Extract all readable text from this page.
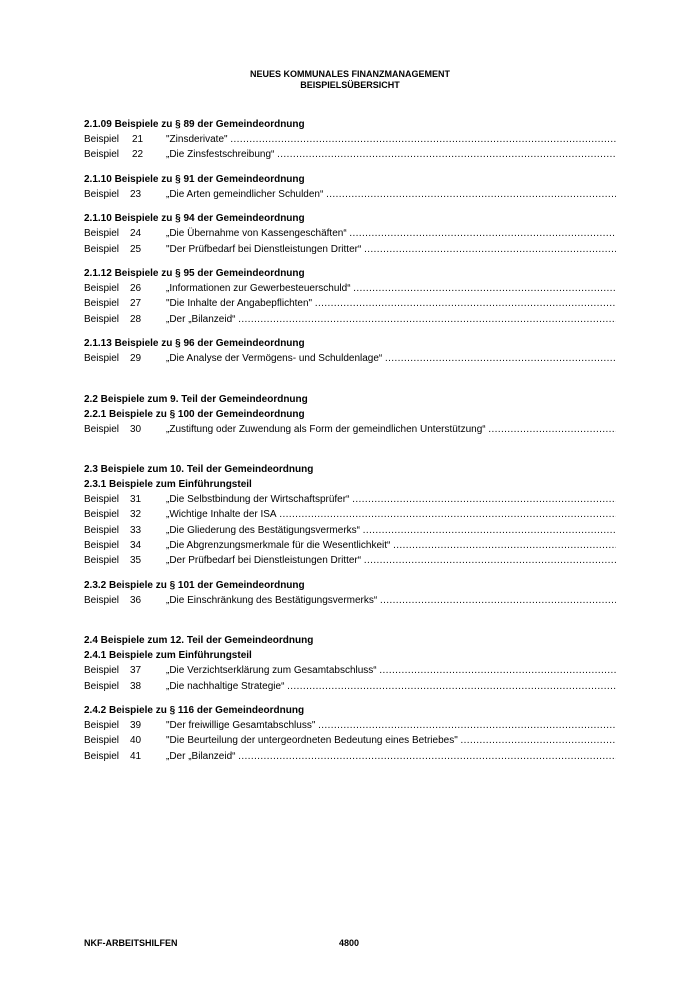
NEUES KOMMUNALES FINANZMANAGEMENT
BEISPIELSÜBERSICHT
2.1.09 Beispiele zu § 89 der Gemeindeordnung
Beispiel 21 "Zinsderivate" ………………………………………………………………………………………………………………………………………………………………………………
Beispiel 22 „Die Zinsfestschreibung“ ………………………………………………………………………………………………………………………………………………………………………………
2.1.10 Beispiele zu § 91 der Gemeindeordnung
Beispiel 23 „Die Arten gemeindlicher Schulden“ ………………………………………………………………………………………………………………………………………………………………………………
2.1.10 Beispiele zu § 94 der Gemeindeordnung
Beispiel 24 „Die Übernahme von Kassengeschäften“ ………………………………………………………………………………………………………………………………………………………………………………
Beispiel 25 "Der Prüfbedarf bei Dienstleistungen Dritter“ ………………………………………………………………………………………………………………………………………………………………………………
2.1.12 Beispiele zu § 95 der Gemeindeordnung
Beispiel 26 „Informationen zur Gewerbesteuerschuld“ ………………………………………………………………………………………………………………………………………………………………………………
Beispiel 27 "Die Inhalte der Angabepflichten" ………………………………………………………………………………………………………………………………………………………………………………
Beispiel 28 „Der „Bilanzeid“ ………………………………………………………………………………………………………………………………………………………………………………
2.1.13 Beispiele zu § 96 der Gemeindeordnung
Beispiel 29 „Die Analyse der Vermögens- und Schuldenlage“ ………………………………………………………………………………………………………………………………………………………………………………
2.2 Beispiele zum 9. Teil der Gemeindeordnung
2.2.1 Beispiele zu § 100 der Gemeindeordnung
Beispiel 30 „Zustiftung oder Zuwendung als Form der gemeindlichen Unterstützung“ ………………………………………………………………………………………………………………………………………………………………………………
2.3 Beispiele zum 10. Teil der Gemeindeordnung
2.3.1 Beispiele zum Einführungsteil
Beispiel 31 „Die Selbstbindung der Wirtschaftsprüfer“ ………………………………………………………………………………………………………………………………………………………………………………
Beispiel 32 „Wichtige Inhalte der ISA ………………………………………………………………………………………………………………………………………………………………………………
Beispiel 33 „Die Gliederung des Bestätigungsvermerks“ ………………………………………………………………………………………………………………………………………………………………………………
Beispiel 34 „Die Abgrenzungsmerkmale für die Wesentlichkeit“ ………………………………………………………………………………………………………………………………………………………………………………
Beispiel 35 „Der Prüfbedarf bei Dienstleistungen Dritter“ ………………………………………………………………………………………………………………………………………………………………………………
2.3.2 Beispiele zu § 101 der Gemeindeordnung
Beispiel 36 „Die Einschränkung des Bestätigungsvermerks“ ………………………………………………………………………………………………………………………………………………………………………………
2.4 Beispiele zum 12. Teil der Gemeindeordnung
2.4.1 Beispiele zum Einführungsteil
Beispiel 37 „Die Verzichtserklärung zum Gesamtabschluss“ ………………………………………………………………………………………………………………………………………………………………………………
Beispiel 38 „Die nachhaltige Strategie“ ………………………………………………………………………………………………………………………………………………………………………………
2.4.2 Beispiele zu § 116 der Gemeindeordnung
Beispiel 39 "Der freiwillige Gesamtabschluss" ………………………………………………………………………………………………………………………………………………………………………………
Beispiel 40 "Die Beurteilung der untergeordneten Bedeutung eines Betriebes" ………………………………………………………………………………………………………………………………………………………………………………
Beispiel 41 „Der „Bilanzeid“ ………………………………………………………………………………………………………………………………………………………………………………
NKF-ARBEITSHILFEN	4800
